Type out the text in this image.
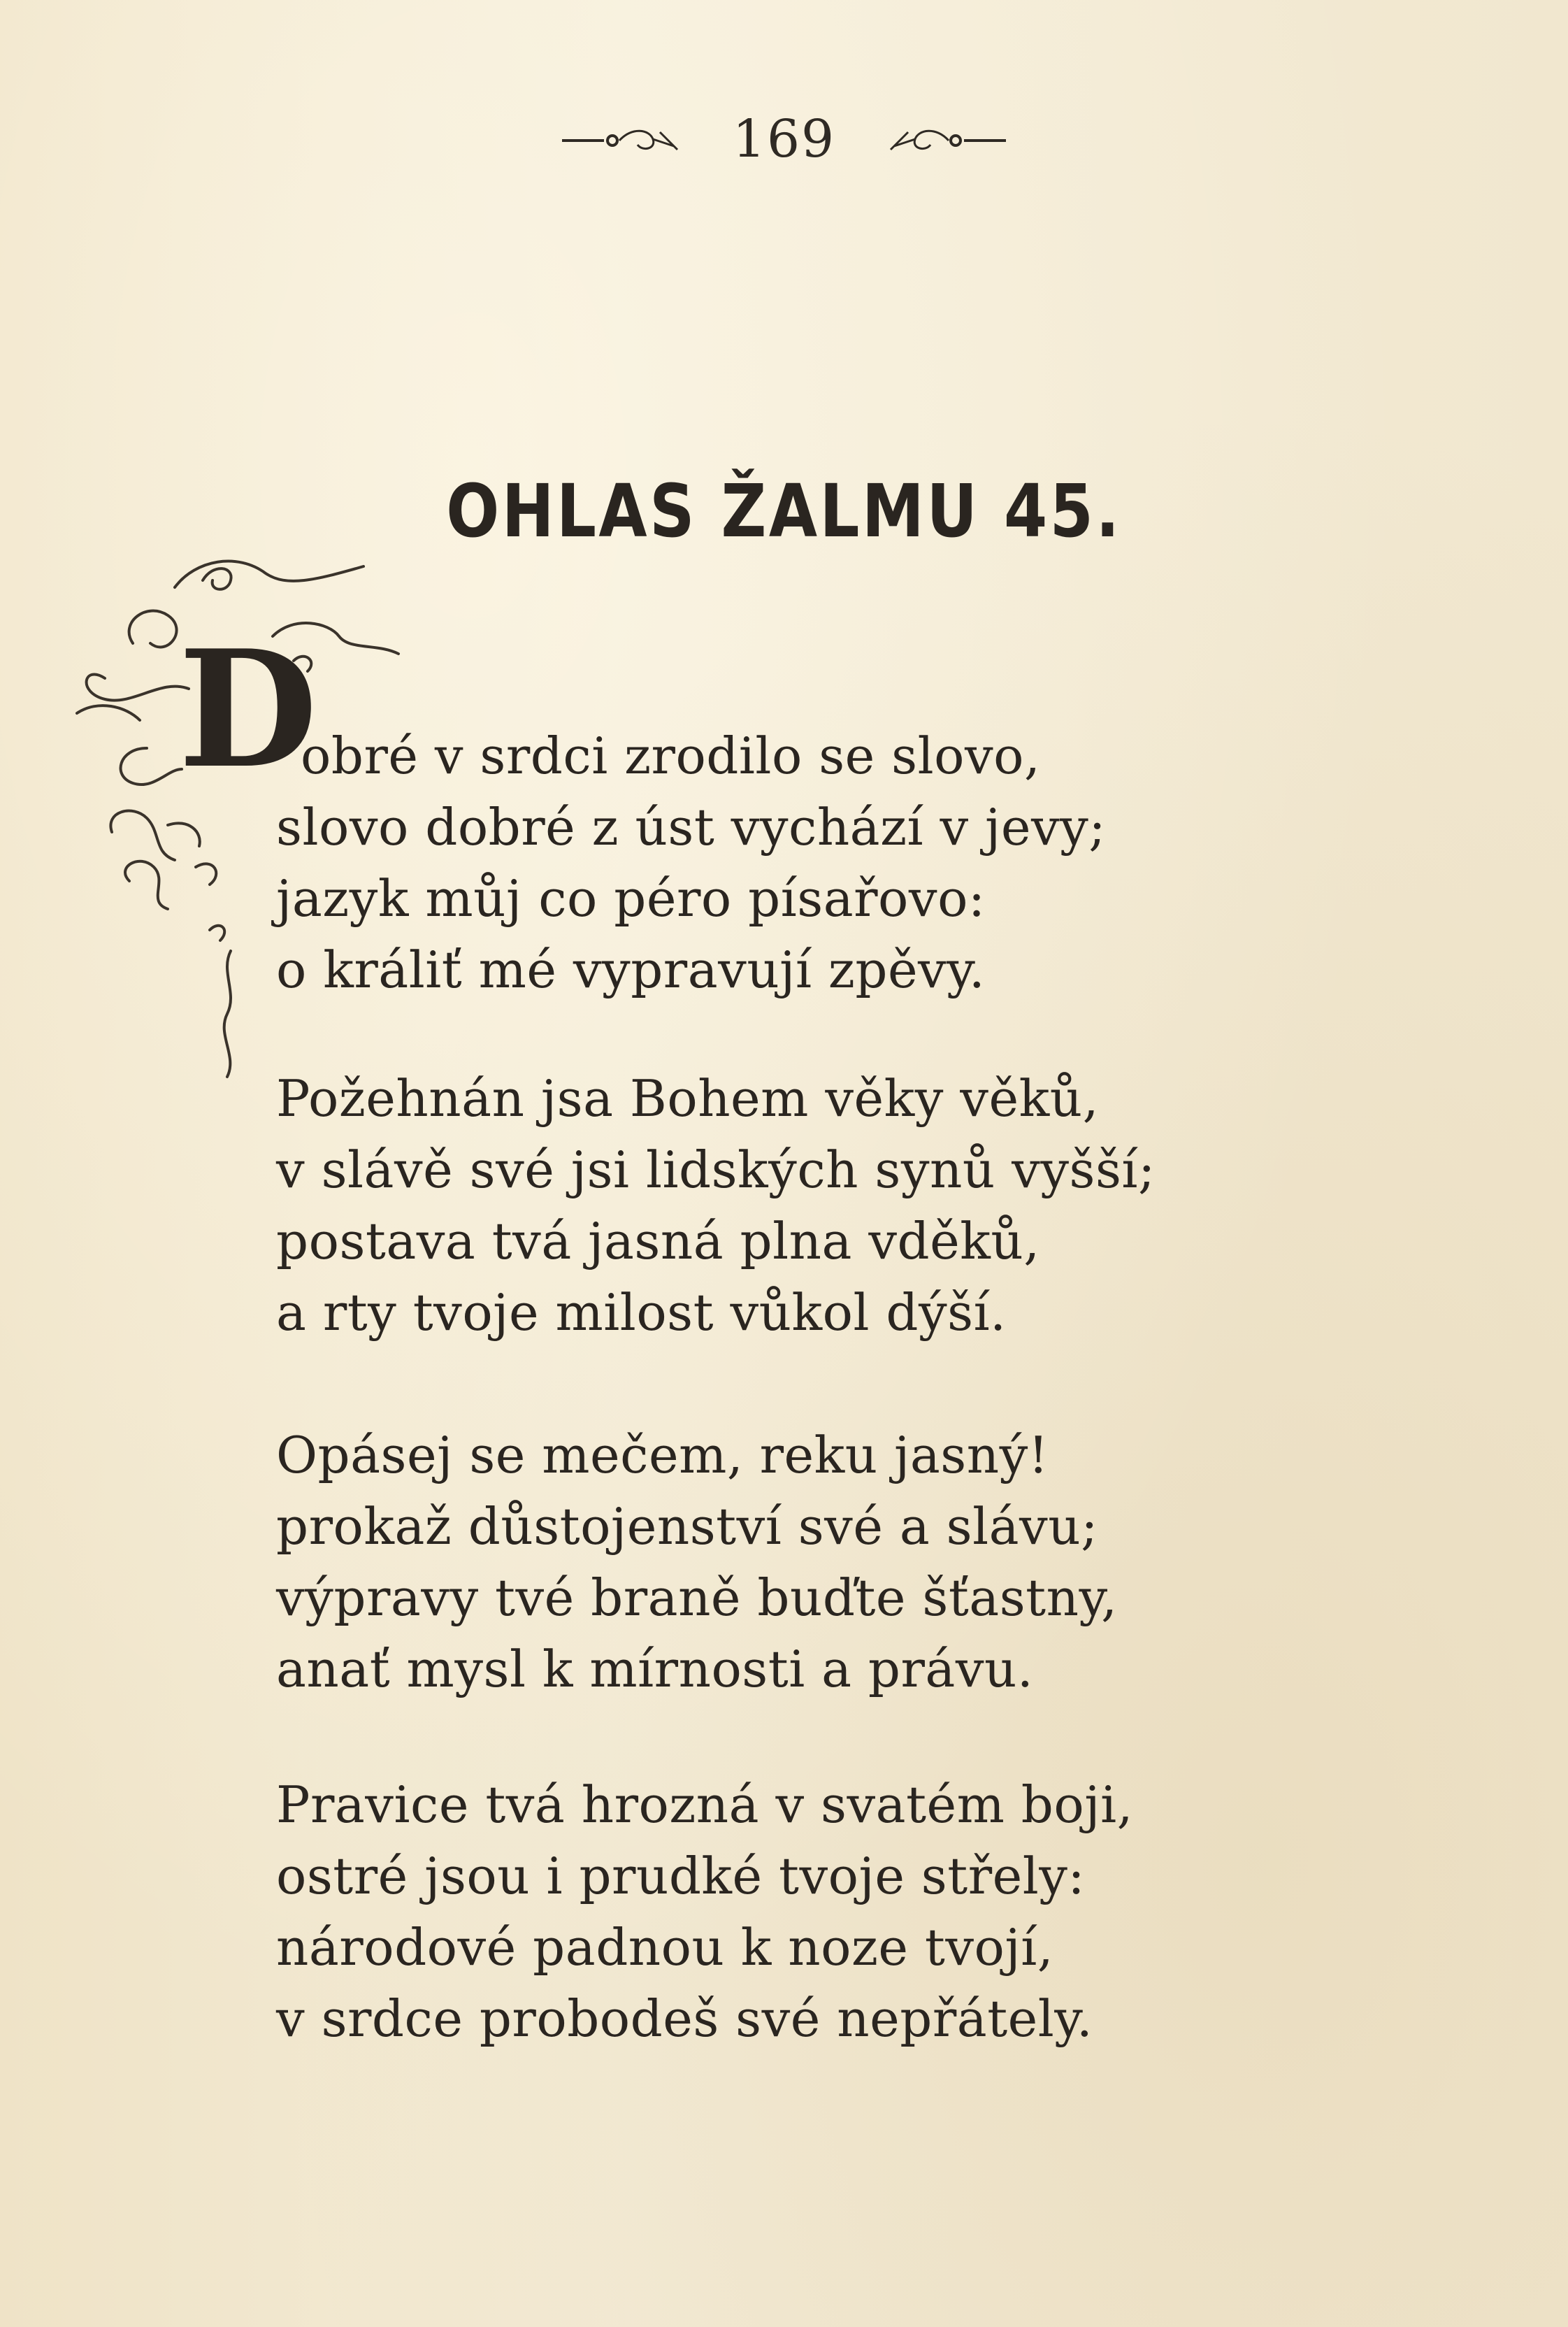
169
OHLAS ŽALMU 45.
D
obré v srdci zrodilo se slovo,
slovo dobré z úst vychází v jevy;
jazyk můj co péro písařovo:
o králiť mé vypravují zpěvy.
Požehnán jsa Bohem věky věků,
v slávě své jsi lidských synů vyšší;
postava tvá jasná plna vděků,
a rty tvoje milost vůkol dýší.
Opásej se mečem, reku jasný!
prokaž důstojenství své a slávu;
výpravy tvé braně buďte šťastny,
anať mysl k mírnosti a právu.
Pravice tvá hrozná v svatém boji,
ostré jsou i prudké tvoje střely:
národové padnou k noze tvojí,
v srdce probodeš své nepřátely.
